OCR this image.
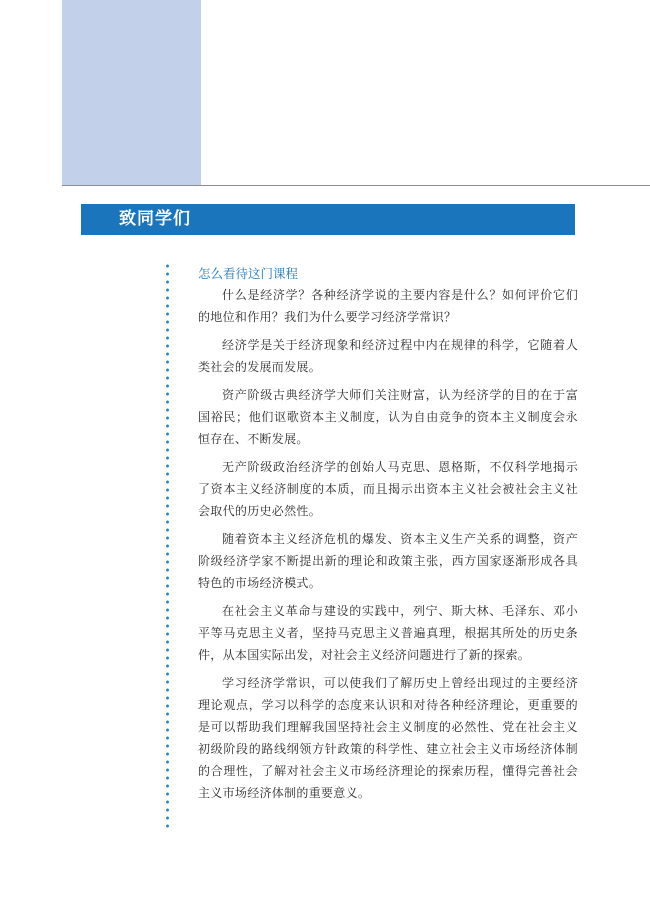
致同学们
怎么看待这门课程

什么是经济学？各种经济学说的主要内容是什么？如何评价它们的地位和作用？我们为什么要学习经济学常识？

经济学是关于经济现象和经济过程中内在规律的科学，它随着人类社会的发展而发展。

资产阶级古典经济学大师们关注财富，认为经济学的目的在于富国裕民；他们讴歌资本主义制度，认为自由竞争的资本主义制度会永恒存在、不断发展。

无产阶级政治经济学的创始人马克思、恩格斯，不仅科学地揭示了资本主义经济制度的本质，而且揭示出资本主义社会被社会主义社会取代的历史必然性。

随着资本主义经济危机的爆发、资本主义生产关系的调整，资产阶级经济学家不断提出新的理论和政策主张，西方国家逐渐形成各具特色的市场经济模式。

在社会主义革命与建设的实践中，列宁、斯大林、毛泽东、邓小平等马克思主义者，坚持马克思主义普遍真理，根据其所处的历史条件，从本国实际出发，对社会主义经济问题进行了新的探索。

学习经济学常识，可以使我们了解历史上曾经出现过的主要经济理论观点，学习以科学的态度来认识和对待各种经济理论，更重要的是可以帮助我们理解我国坚持社会主义制度的必然性、党在社会主义初级阶段的路线纲领方针政策的科学性、建立社会主义市场经济体制的合理性，了解对社会主义市场经济理论的探索历程，懂得完善社会主义市场经济体制的重要意义。
